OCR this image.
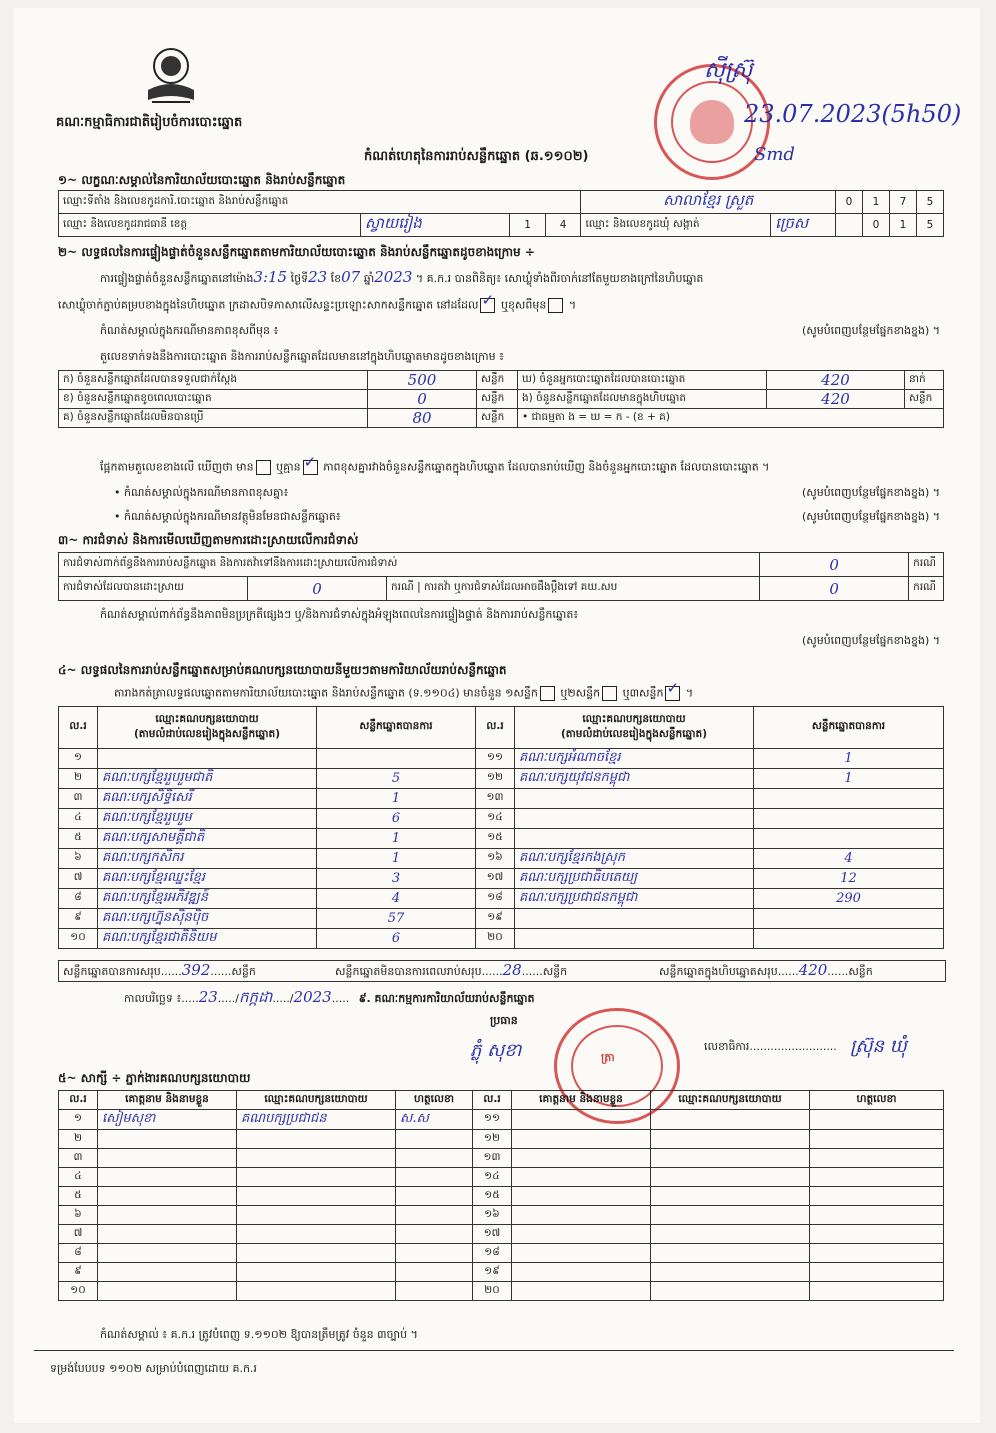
គណៈកម្មាធិការជាតិរៀបចំការបោះឆ្នោត
ស៊ីស្រ៊ុ
23.07.2023(5h50)
Smd
កំណត់ហេតុនៃការរាប់សន្លឹកឆ្នោត (ឆ.១១០២)
១~ លក្ខណៈសម្គាល់នៃការិយាល័យបោះឆ្នោត និងរាប់សន្លឹកឆ្នោត
ឈ្មោះទីតាំង និងលេខកូដការិ.បោះឆ្នោត និងរាប់សន្លឹកឆ្នោត				សាលាខ្មែរ ស្រួត		0	1	7	5
ឈ្មោះ និងលេខកូដរាជធានី ខេត្ត	ស្វាយរៀង	1	4	ឈ្មោះ និងលេខកូដឃុំ សង្កាត់	ច្រេស		0	1	5
២~ លទ្ធផលនៃការផ្ទៀងផ្ទាត់ចំនួនសន្លឹកឆ្នោតតាមការិយាល័យបោះឆ្នោត និងរាប់សន្លឹកឆ្នោតដូចខាងក្រោម ÷
ការផ្ទៀងផ្ទាត់ចំនួនសន្លឹកឆ្នោតនៅម៉ោង3:15 ថ្ងៃទី23 ខែ07 ឆ្នាំ2023 ។ គ.ក.រ បានពិនិត្យ៖ សោឃ្លុំទាំងពីរចាក់នៅតែមួយខាងក្រៅនៃហិបឆ្នោត
សោឃ្លុំចាក់ភ្ជាប់គម្របខាងក្នុងនៃហិបឆ្នោត ក្រដាសបិទភាសាលើសន្ទះប្រឡោះសាកសន្លឹកឆ្នោត នៅដដែល ✓ ឬខុសពីមុន ។
កំណត់សម្គាល់ក្នុងករណីមានភាពខុសពីមុន ៖	(សូមបំពេញបន្ថែមផ្នែកខាងខ្នង) ។
តួលេខទាក់ទងនឹងការបោះឆ្នោត និងការរាប់សន្លឹកឆ្នោតដែលមាននៅក្នុងហិបឆ្នោតមានដូចខាងក្រោម ៖
ក) ចំនួនសន្លឹកឆ្នោតដែលបានទទួលជាក់ស្តែង	500	សន្លឹក	ឃ) ចំនួនអ្នកបោះឆ្នោតដែលបានបោះឆ្នោត	420	នាក់
ខ) ចំនួនសន្លឹកឆ្នោតខូចពេលបោះឆ្នោត	0	សន្លឹក	ង) ចំនួនសន្លឹកឆ្នោតដែលមានក្នុងហិបឆ្នោត	420	សន្លឹក
គ) ចំនួនសន្លឹកឆ្នោតដែលមិនបានប្រើ	80	សន្លឹក	• ជាធម្មតា ង = ឃ = ក - (ខ + គ)		
ផ្អែកតាមតួលេខខាងលើ ឃើញថា មាន ឬគ្មាន ✓ ភាពខុសគ្នារវាងចំនួនសន្លឹកឆ្នោតក្នុងហិបឆ្នោត ដែលបានរាប់ឃើញ និងចំនួនអ្នកបោះឆ្នោត ដែលបានបោះឆ្នោត ។
• កំណត់សម្គាល់ក្នុងករណីមានភាពខុសគ្នា៖	(សូមបំពេញបន្ថែមផ្នែកខាងខ្នង) ។
• កំណត់សម្គាល់ក្នុងករណីមានវត្ថុមិនមែនជាសន្លឹកឆ្នោត៖	(សូមបំពេញបន្ថែមផ្នែកខាងខ្នង) ។
៣~ ការជំទាស់ និងការមើលឃើញតាមការដោះស្រាយលើការជំទាស់
ការជំទាស់ពាក់ព័ន្ធនឹងការរាប់សន្លឹកឆ្នោត និងការតវ៉ាទៅនឹងការដោះស្រាយលើការជំទាស់			0	ករណី
ការជំទាស់ដែលបានដោះស្រាយ	0	ករណី | ការតវ៉ា ឬការជំទាស់ដែលអាចផឹងប្ដឹងទៅ គឃ.សប	0	ករណី
កំណត់សម្គាល់ពាក់ព័ន្ធនឹងភាពមិនប្រក្រតីផ្សេងៗ ឬ/និងការជំទាស់ក្នុងអំឡុងពេលនៃការផ្ទៀងផ្ទាត់ និងការរាប់សន្លឹកឆ្នោត៖
(សូមបំពេញបន្ថែមផ្នែកខាងខ្នង) ។
៤~ លទ្ធផលនៃការរាប់សន្លឹកឆ្នោតសម្រាប់គណបក្សនយោបាយនីមួយៗតាមការិយាល័យរាប់សន្លឹកឆ្នោត
តារាងកត់ត្រាលទ្ធផលឆ្នោតតាមការិយាល័យបោះឆ្នោត និងរាប់សន្លឹកឆ្នោត (ទ.១១០៤) មានចំនួន ១សន្លឹក ឬ២សន្លឹក ឬ៣សន្លឹក✓ ។
ល.រ	ឈ្មោះគណបក្សនយោបាយ
(តាមលំដាប់លេខរៀងក្នុងសន្លឹកឆ្នោត)	សន្លឹកឆ្នោតបានការ	ល.រ	ឈ្មោះគណបក្សនយោបាយ
(តាមលំដាប់លេខរៀងក្នុងសន្លឹកឆ្នោត)	សន្លឹកឆ្នោតបានការ
១			១១	គណៈបក្សអំណាចខ្មែរ	1
២	គណៈបក្សខ្មែររួបរួមជាតិ	5	១២	គណៈបក្សយុវជនកម្ពុជា	1
៣	គណៈបក្សសិទ្ធិសេរី	1	១៣		
៤	គណៈបក្សខ្មែររួបរួម	6	១៤		
៥	គណៈបក្សសាមគ្គីជាតិ	1	១៥		
៦	គណៈបក្សកសិករ	1	១៦	គណៈបក្សខ្មែរកងស្រុក	4
៧	គណៈបក្សខ្មែរឈ្នះខ្មែរ	3	១៧	គណៈបក្សប្រជាធិបតេយ្យ	12
៨	គណៈបក្សខ្មែរអភិវឌ្ឍន៍	4	១៨	គណៈបក្សប្រជាជនកម្ពុជា	290
៩	គណៈបក្សហ្វ៊ុនស៊ិនប៉ិច	57	១៩		
១០	គណៈបក្សខ្មែរជាតិនិយម	6	២០		
សន្លឹកឆ្នោតបានការសរុប......392......សន្លឹក	សន្លឹកឆ្នោតមិនបានការពេលរាប់សរុប......28......សន្លឹក	សន្លឹកឆ្នោតក្នុងហិបឆ្នោតសរុប......420......សន្លឹក
កាលបរិច្ឆេទ ៖.....23...../កក្កដា...../2023..... ៩. គណៈកម្មការការិយាល័យរាប់សន្លឹកឆ្នោត
ប្រធាន
ភ្លុំ សុខា	ត្រា
លេខាធិការ......................... ស្រ៊ុន ឃុំ
៥~ សាក្សី ÷ ភ្នាក់ងារគណបក្សនយោបាយ
ល.រ	គោត្តនាម និងនាមខ្លួន	ឈ្មោះគណបក្សនយោបាយ	ហត្ថលេខា	ល.រ	គោត្តនាម និងនាមខ្លួន	ឈ្មោះគណបក្សនយោបាយ	ហត្ថលេខា
១	សៀមសុខា	គណបក្សប្រជាជន	ស.ស	១១			
២				១២			
៣				១៣			
៤				១៤			
៥				១៥			
៦				១៦			
៧				១៧			
៨				១៨			
៩				១៩			
១០				២០			
កំណត់សម្គាល់ ៖ គ.ក.រ ត្រូវបំពេញ ទ.១១០២ ឱ្យបានត្រឹមត្រូវ ចំនួន ៣ច្បាប់ ។
ទម្រង់បែបបទ ១១០២ សម្រាប់បំពេញដោយ គ.ក.រ
